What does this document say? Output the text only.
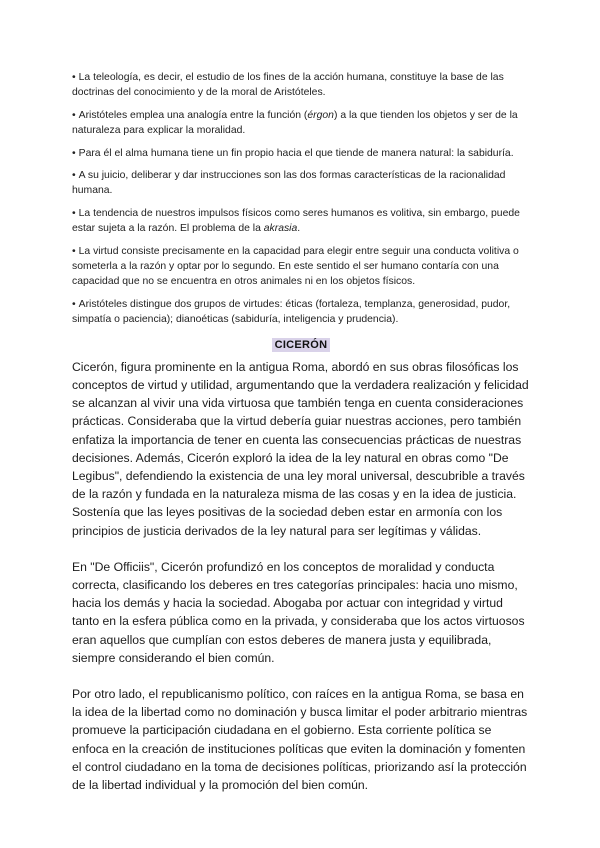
• La teleología, es decir, el estudio de los fines de la acción humana, constituye la base de las doctrinas del conocimiento y de la moral de Aristóteles.
• Aristóteles emplea una analogía entre la función (érgon) a la que tienden los objetos y ser de la naturaleza para explicar la moralidad.
• Para él el alma humana tiene un fin propio hacia el que tiende de manera natural: la sabiduría.
• A su juicio, deliberar y dar instrucciones son las dos formas características de la racionalidad humana.
• La tendencia de nuestros impulsos físicos como seres humanos es volitiva, sin embargo, puede estar sujeta a la razón. El problema de la akrasia.
• La virtud consiste precisamente en la capacidad para elegir entre seguir una conducta volitiva o someterla a la razón y optar por lo segundo. En este sentido el ser humano contaría con una capacidad que no se encuentra en otros animales ni en los objetos físicos.
• Aristóteles distingue dos grupos de virtudes: éticas (fortaleza, templanza, generosidad, pudor, simpatía o paciencia); dianoéticas (sabiduría, inteligencia y prudencia).
CICERÓN

Cicerón, figura prominente en la antigua Roma, abordó en sus obras filosóficas los conceptos de virtud y utilidad, argumentando que la verdadera realización y felicidad se alcanzan al vivir una vida virtuosa que también tenga en cuenta consideraciones prácticas. Consideraba que la virtud debería guiar nuestras acciones, pero también enfatiza la importancia de tener en cuenta las consecuencias prácticas de nuestras decisiones. Además, Cicerón exploró la idea de la ley natural en obras como "De Legibus", defendiendo la existencia de una ley moral universal, descubrible a través de la razón y fundada en la naturaleza misma de las cosas y en la idea de justicia. Sostenía que las leyes positivas de la sociedad deben estar en armonía con los principios de justicia derivados de la ley natural para ser legítimas y válidas.

En "De Officiis", Cicerón profundizó en los conceptos de moralidad y conducta correcta, clasificando los deberes en tres categorías principales: hacia uno mismo, hacia los demás y hacia la sociedad. Abogaba por actuar con integridad y virtud tanto en la esfera pública como en la privada, y consideraba que los actos virtuosos eran aquellos que cumplían con estos deberes de manera justa y equilibrada, siempre considerando el bien común.

Por otro lado, el republicanismo político, con raíces en la antigua Roma, se basa en la idea de la libertad como no dominación y busca limitar el poder arbitrario mientras promueve la participación ciudadana en el gobierno. Esta corriente política se enfoca en la creación de instituciones políticas que eviten la dominación y fomenten el control ciudadano en la toma de decisiones políticas, priorizando así la protección de la libertad individual y la promoción del bien común.
